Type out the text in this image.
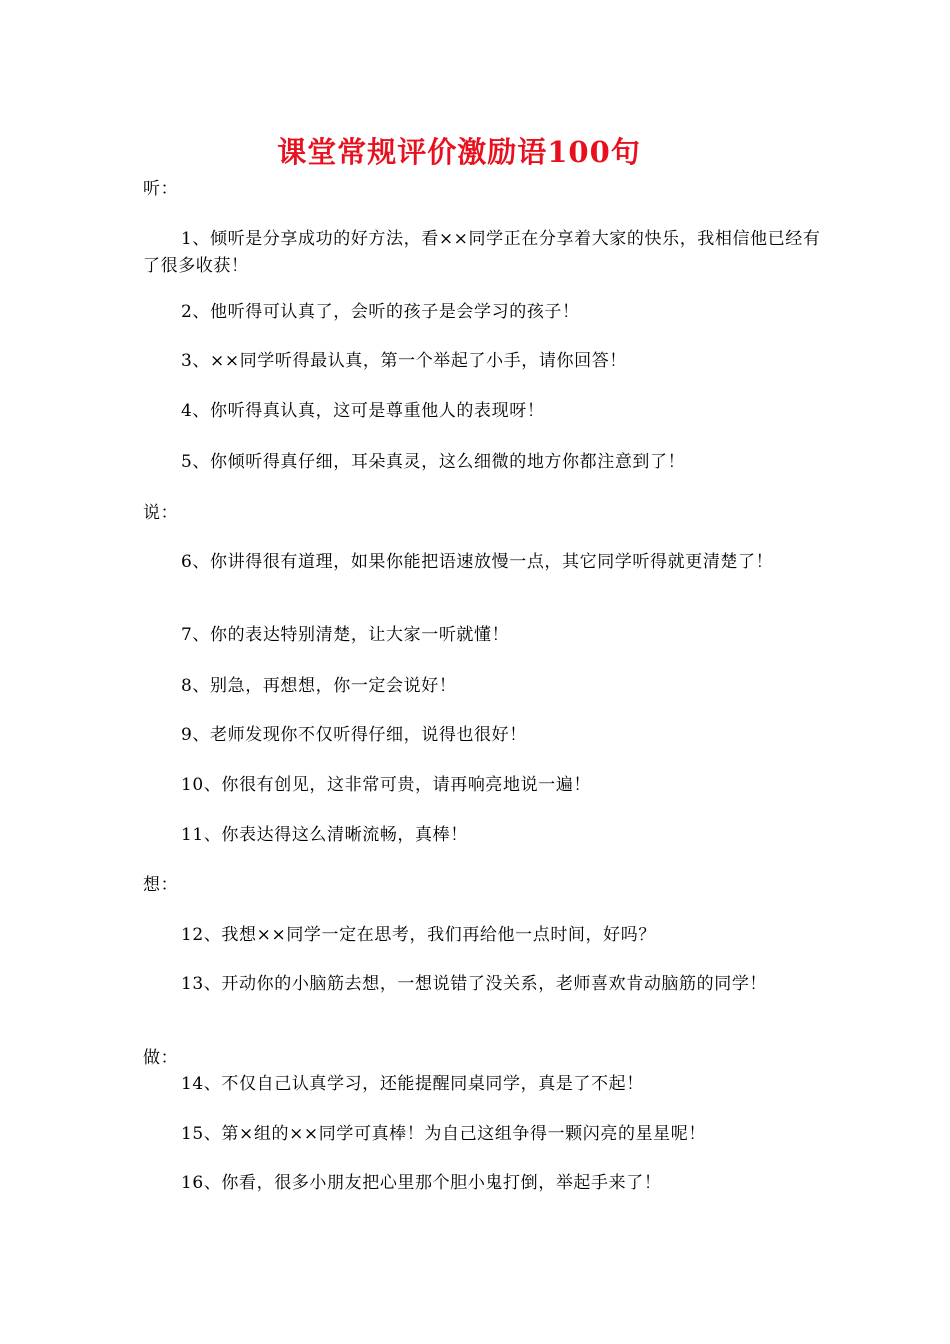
课堂常规评价激励语100句
听：
1、倾听是分享成功的好方法，看××同学正在分享着大家的快乐，我相信他已经有了很多收获！
2、他听得可认真了，会听的孩子是会学习的孩子！
3、××同学听得最认真，第一个举起了小手，请你回答！
4、你听得真认真，这可是尊重他人的表现呀！
5、你倾听得真仔细，耳朵真灵，这么细微的地方你都注意到了！
说：
6、你讲得很有道理，如果你能把语速放慢一点，其它同学听得就更清楚了！
7、你的表达特别清楚，让大家一听就懂！
8、别急，再想想，你一定会说好！
9、老师发现你不仅听得仔细，说得也很好！
10、你很有创见，这非常可贵，请再响亮地说一遍！
11、你表达得这么清晰流畅，真棒！
想：
12、我想××同学一定在思考，我们再给他一点时间，好吗？
13、开动你的小脑筋去想，一想说错了没关系，老师喜欢肯动脑筋的同学！
做：
14、不仅自己认真学习，还能提醒同桌同学，真是了不起！
15、第×组的××同学可真棒！为自己这组争得一颗闪亮的星星呢！
16、你看，很多小朋友把心里那个胆小鬼打倒，举起手来了！
